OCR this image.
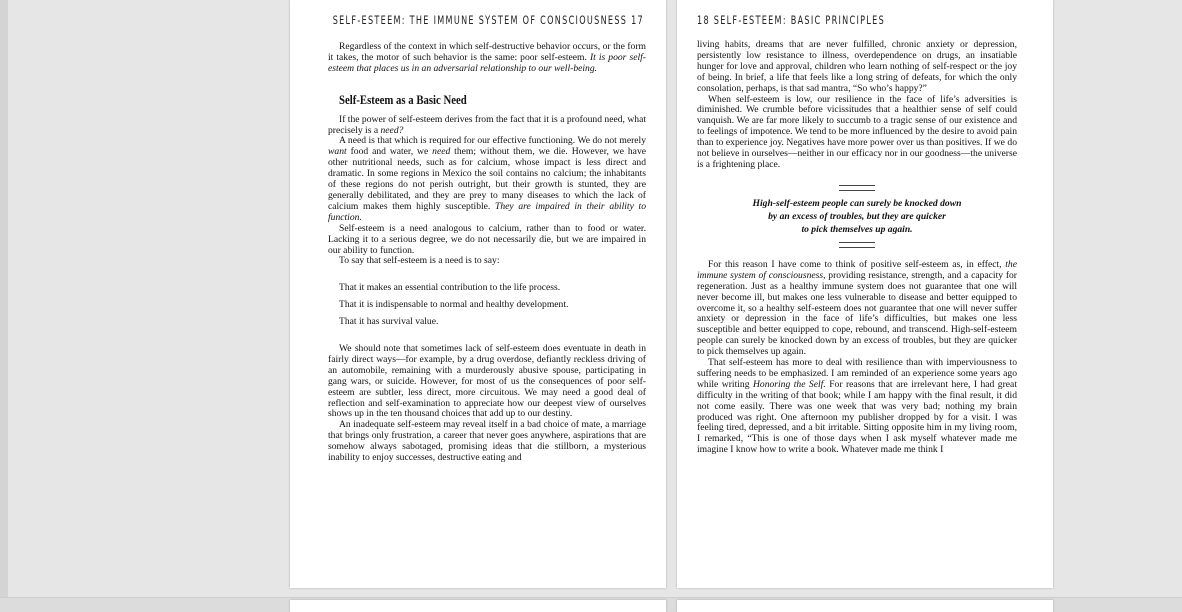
SELF-ESTEEM: THE IMMUNE SYSTEM OF CONSCIOUSNESS 17

Regardless of the context in which self-destructive behavior occurs, or the form it takes, the motor of such behavior is the same: poor self-esteem. It is poor self-esteem that places us in an adversarial relationship to our well-being.

Self-Esteem as a Basic Need

If the power of self-esteem derives from the fact that it is a profound need, what precisely is a need?

A need is that which is required for our effective functioning. We do not merely want food and water, we need them; without them, we die. However, we have other nutritional needs, such as for calcium, whose impact is less direct and dramatic. In some regions in Mexico the soil contains no calcium; the inhabitants of these regions do not perish outright, but their growth is stunted, they are generally debilitated, and they are prey to many diseases to which the lack of calcium makes them highly susceptible. They are impaired in their ability to function.

Self-esteem is a need analogous to calcium, rather than to food or water. Lacking it to a serious degree, we do not necessarily die, but we are impaired in our ability to function.

To say that self-esteem is a need is to say:

That it makes an essential contribution to the life process.
That it is indispensable to normal and healthy development.
That it has survival value.

We should note that sometimes lack of self-esteem does eventuate in death in fairly direct ways—for example, by a drug overdose, defiantly reckless driving of an automobile, remaining with a murderously abusive spouse, participating in gang wars, or suicide. However, for most of us the consequences of poor self-esteem are subtler, less direct, more circuitous. We may need a good deal of reflection and self-examination to appreciate how our deepest view of ourselves shows up in the ten thousand choices that add up to our destiny.

An inadequate self-esteem may reveal itself in a bad choice of mate, a marriage that brings only frustration, a career that never goes anywhere, aspirations that are somehow always sabotaged, promising ideas that die stillborn, a mysterious inability to enjoy successes, destructive eating and

18 SELF-ESTEEM: BASIC PRINCIPLES

living habits, dreams that are never fulfilled, chronic anxiety or depression, persistently low resistance to illness, overdependence on drugs, an insatiable hunger for love and approval, children who learn nothing of self-respect or the joy of being. In brief, a life that feels like a long string of defeats, for which the only consolation, perhaps, is that sad mantra, “So who’s happy?”

When self-esteem is low, our resilience in the face of life’s adversities is diminished. We crumble before vicissitudes that a healthier sense of self could vanquish. We are far more likely to succumb to a tragic sense of our existence and to feelings of impotence. We tend to be more influenced by the desire to avoid pain than to experience joy. Negatives have more power over us than positives. If we do not believe in ourselves—neither in our efficacy nor in our goodness—the universe is a frightening place.

High-self-esteem people can surely be knocked down
by an excess of troubles, but they are quicker
to pick themselves up again.

For this reason I have come to think of positive self-esteem as, in effect, the immune system of consciousness, providing resistance, strength, and a capacity for regeneration. Just as a healthy immune system does not guarantee that one will never become ill, but makes one less vulnerable to disease and better equipped to overcome it, so a healthy self-esteem does not guarantee that one will never suffer anxiety or depression in the face of life’s difficulties, but makes one less susceptible and better equipped to cope, rebound, and transcend. High-self-esteem people can surely be knocked down by an excess of troubles, but they are quicker to pick themselves up again.

That self-esteem has more to deal with resilience than with imperviousness to suffering needs to be emphasized. I am reminded of an experience some years ago while writing Honoring the Self. For reasons that are irrelevant here, I had great difficulty in the writing of that book; while I am happy with the final result, it did not come easily. There was one week that was very bad; nothing my brain produced was right. One afternoon my publisher dropped by for a visit. I was feeling tired, depressed, and a bit irritable. Sitting opposite him in my living room, I remarked, “This is one of those days when I ask myself whatever made me imagine I know how to write a book. Whatever made me think I
